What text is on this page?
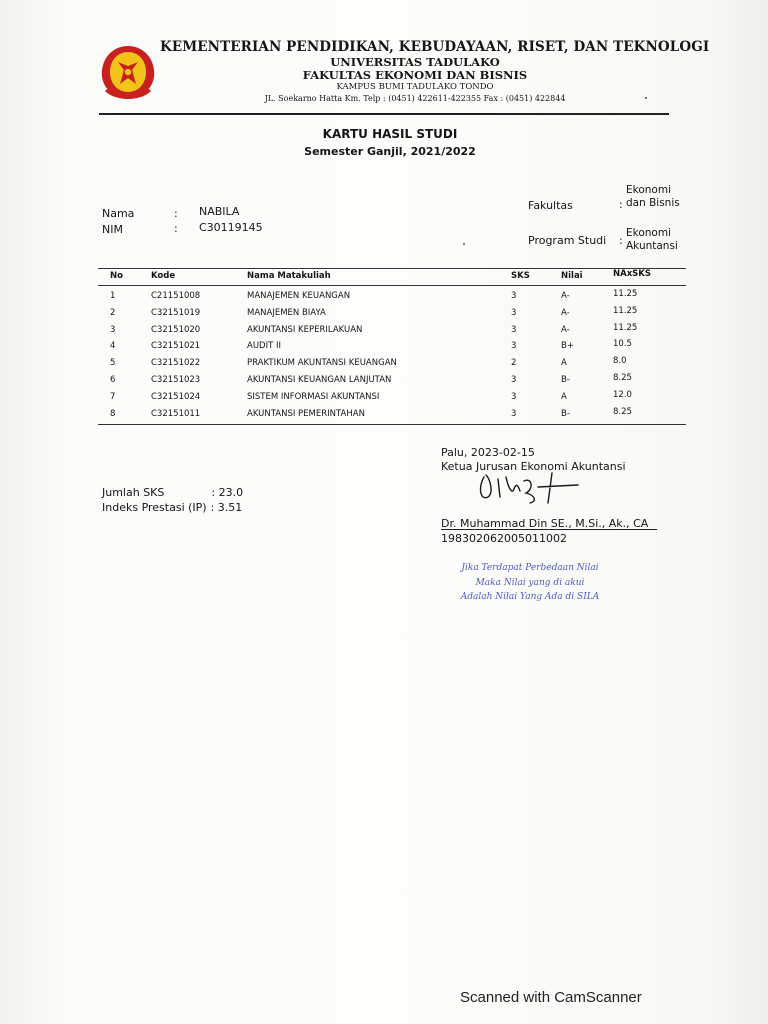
KEMENTERIAN PENDIDIKAN, KEBUDAYAAN, RISET, DAN TEKNOLOGI
UNIVERSITAS TADULAKO
FAKULTAS EKONOMI DAN BISNIS
KAMPUS BUMI TADULAKO TONDO
JL. Soekarno Hatta Km. Telp : (0451) 422611-422355 Fax : (0451) 422844
KARTU HASIL STUDI
Semester Ganjil, 2021/2022
Nama	: NABILA
NIM	: C30119145
Fakultas	:
Ekonomi dan Bisnis
Program Studi :
Ekonomi Akuntansi
No	Kode	Nama Matakuliah	SKS	Nilai	NAxSKS
1	C21151008	MANAJEMEN KEUANGAN	3	A-	11.25
2	C32151019	MANAJEMEN BIAYA	3	A-	11.25
3	C32151020	AKUNTANSI KEPERILAKUAN	3	A-	11.25
4	C32151021	AUDIT II	3	B+	10.5
5	C32151022	PRAKTIKUM AKUNTANSI KEUANGAN	2	A	8.0
6	C32151023	AKUNTANSI KEUANGAN LANJUTAN	3	B-	8.25
7	C32151024	SISTEM INFORMASI AKUNTANSI	3	A	12.0
8	C32151011	AKUNTANSI PEMERINTAHAN	3	B-	8.25
Jumlah SKS	: 23.0
Indeks Prestasi (IP) : 3.51
Palu, 2023-02-15
Ketua Jurusan Ekonomi Akuntansi
Dr. Muhammad Din SE., M.Si., Ak., CA
198302062005011002
Jika Terdapat Perbedaan Nilai
Maka Nilai yang di akui
Adalah Nilai Yang Ada di SILA
Scanned with CamScanner
